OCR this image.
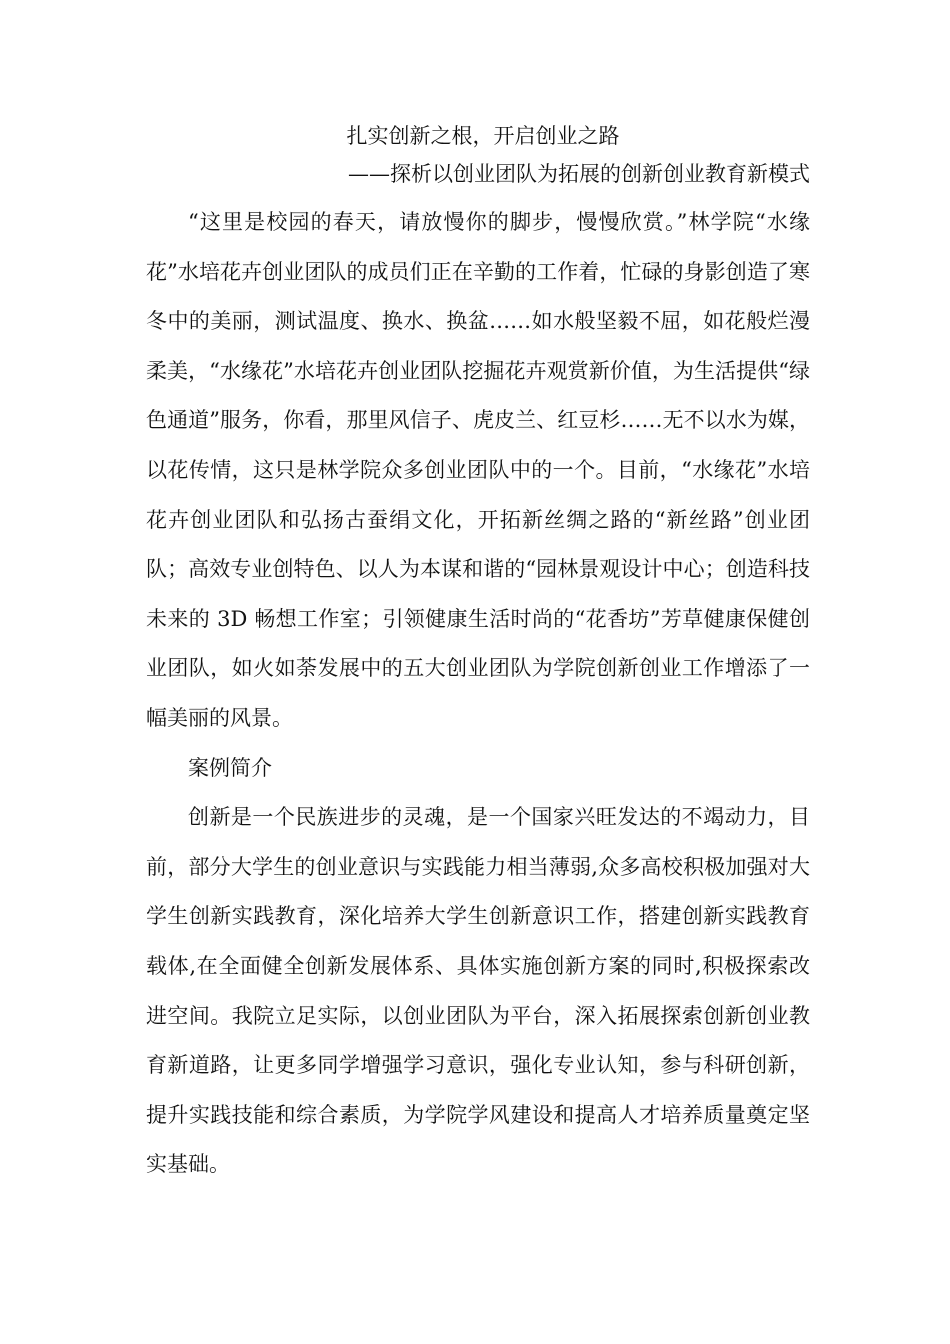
扎实创新之根，开启创业之路
——探析以创业团队为拓展的创新创业教育新模式

“这里是校园的春天，请放慢你的脚步，慢慢欣赏。”林学院“水缘花”水培花卉创业团队的成员们正在辛勤的工作着，忙碌的身影创造了寒冬中的美丽，测试温度、换水、换盆……如水般坚毅不屈，如花般烂漫柔美，“水缘花”水培花卉创业团队挖掘花卉观赏新价值，为生活提供“绿色通道”服务，你看，那里风信子、虎皮兰、红豆杉……无不以水为媒，以花传情，这只是林学院众多创业团队中的一个。目前，“水缘花”水培花卉创业团队和弘扬古蚕绢文化，开拓新丝绸之路的“新丝路”创业团队；高效专业创特色、以人为本谋和谐的“园林景观设计中心；创造科技未来的 3D 畅想工作室；引领健康生活时尚的“花香坊”芳草健康保健创业团队，如火如荼发展中的五大创业团队为学院创新创业工作增添了一幅美丽的风景。

案例简介

创新是一个民族进步的灵魂，是一个国家兴旺发达的不竭动力，目前，部分大学生的创业意识与实践能力相当薄弱,众多高校积极加强对大学生创新实践教育，深化培养大学生创新意识工作，搭建创新实践教育载体,在全面健全创新发展体系、具体实施创新方案的同时,积极探索改进空间。我院立足实际，以创业团队为平台，深入拓展探索创新创业教育新道路，让更多同学增强学习意识，强化专业认知，参与科研创新，提升实践技能和综合素质，为学院学风建设和提高人才培养质量奠定坚实基础。
